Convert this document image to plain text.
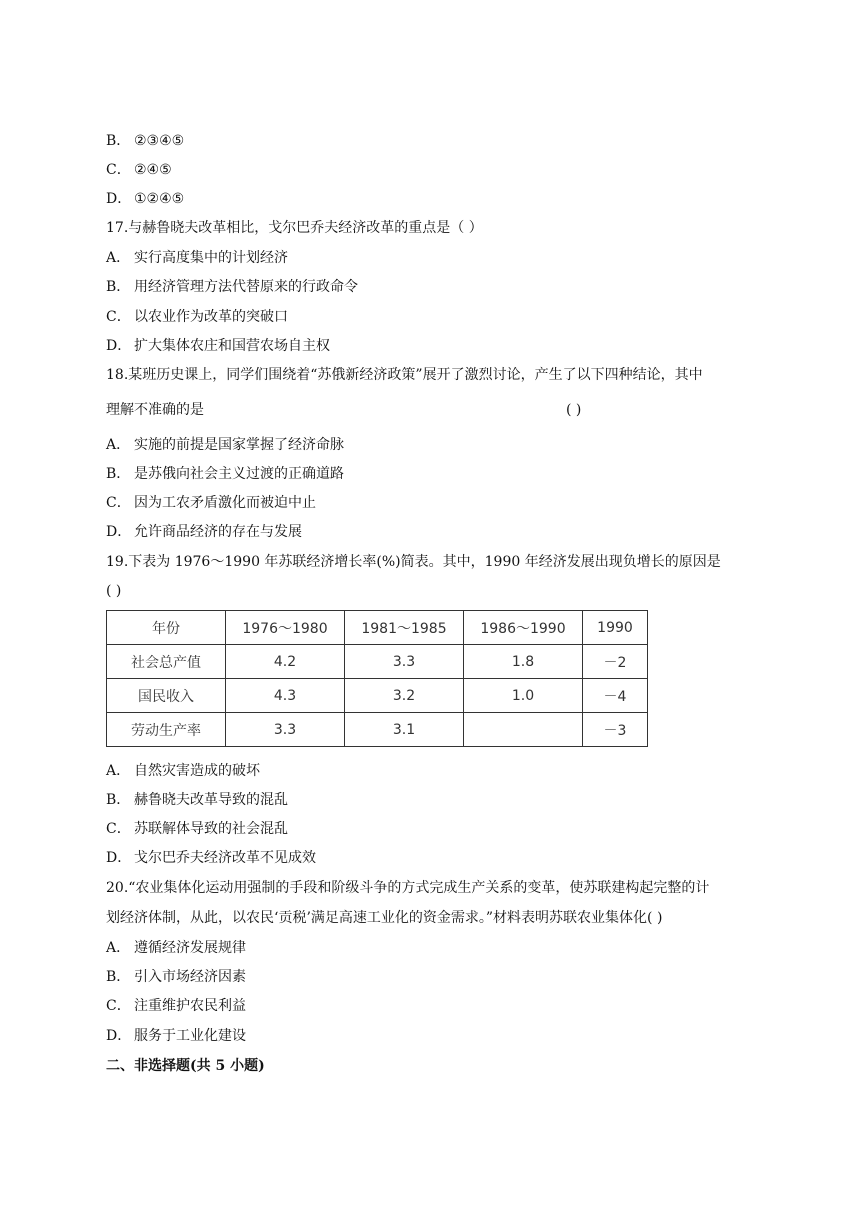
B． ②③④⑤
C． ②④⑤
D． ①②④⑤
17.与赫鲁晓夫改革相比，戈尔巴乔夫经济改革的重点是（ ）
A． 实行高度集中的计划经济
B． 用经济管理方法代替原来的行政命令
C． 以农业作为改革的突破口
D． 扩大集体农庄和国营农场自主权
18.某班历史课上，同学们围绕着“苏俄新经济政策”展开了激烈讨论，产生了以下四种结论，其中
理解不准确的是	( )
A． 实施的前提是国家掌握了经济命脉
B． 是苏俄向社会主义过渡的正确道路
C． 因为工农矛盾激化而被迫中止
D． 允许商品经济的存在与发展
19.下表为 1976～1990 年苏联经济增长率(%)简表。其中，1990 年经济发展出现负增长的原因是
( )
年份	1976～1980	1981～1985	1986～1990	1990
社会总产值	4.2	3.3	1.8	－2
国民收入	4.3	3.2	1.0	－4
劳动生产率	3.3	3.1		－3
A． 自然灾害造成的破坏
B． 赫鲁晓夫改革导致的混乱
C． 苏联解体导致的社会混乱
D． 戈尔巴乔夫经济改革不见成效
20.“农业集体化运动用强制的手段和阶级斗争的方式完成生产关系的变革，使苏联建构起完整的计
划经济体制，从此，以农民‘贡税’满足高速工业化的资金需求。”材料表明苏联农业集体化( )
A． 遵循经济发展规律
B． 引入市场经济因素
C． 注重维护农民利益
D． 服务于工业化建设
二、非选择题(共 5 小题)
